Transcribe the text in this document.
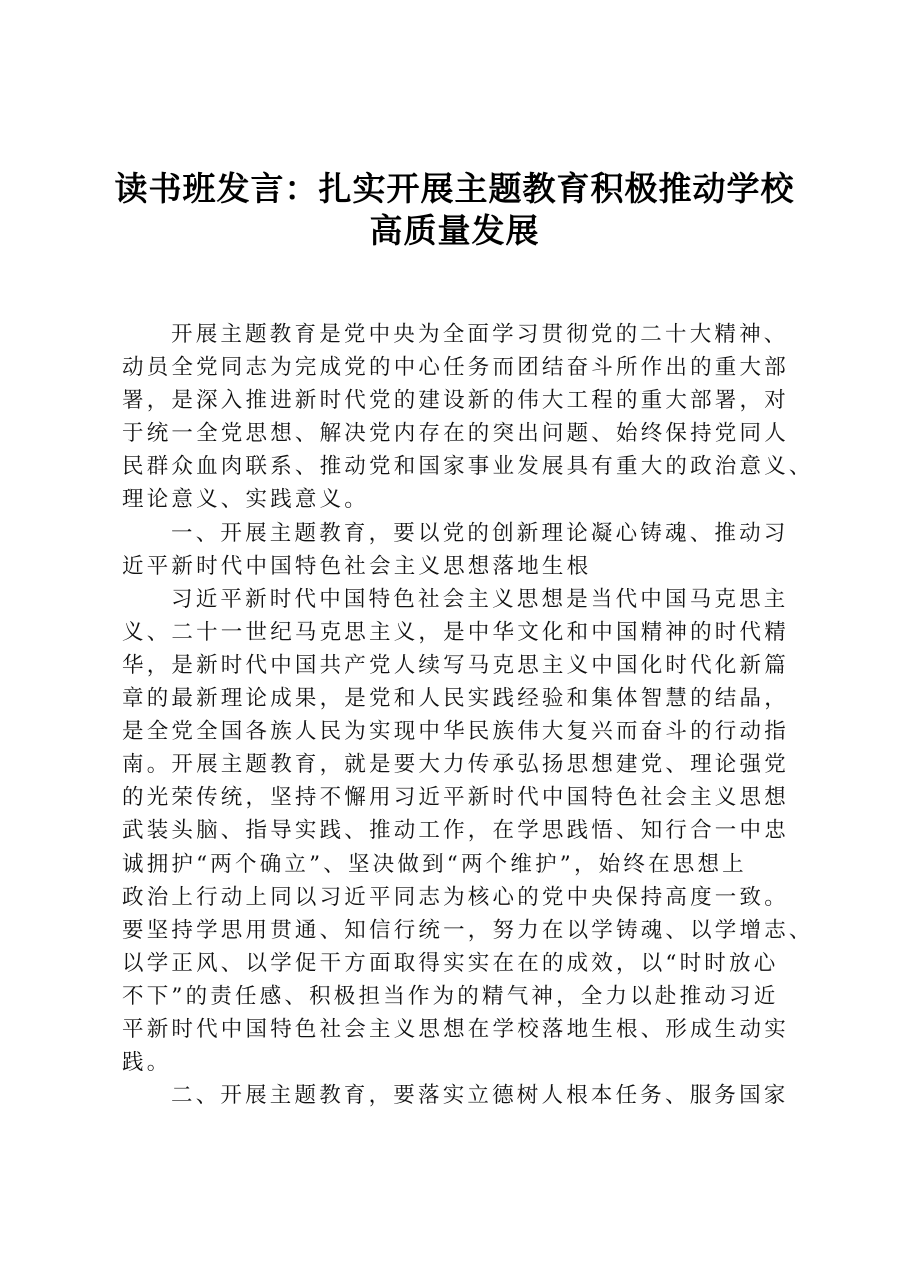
读书班发言：扎实开展主题教育积极推动学校
高质量发展
开展主题教育是党中央为全面学习贯彻党的二十大精神、
动员全党同志为完成党的中心任务而团结奋斗所作出的重大部
署，是深入推进新时代党的建设新的伟大工程的重大部署，对
于统一全党思想、解决党内存在的突出问题、始终保持党同人
民群众血肉联系、推动党和国家事业发展具有重大的政治意义、
理论意义、实践意义。
一、开展主题教育，要以党的创新理论凝心铸魂、推动习
近平新时代中国特色社会主义思想落地生根
习近平新时代中国特色社会主义思想是当代中国马克思主
义、二十一世纪马克思主义，是中华文化和中国精神的时代精
华，是新时代中国共产党人续写马克思主义中国化时代化新篇
章的最新理论成果，是党和人民实践经验和集体智慧的结晶，
是全党全国各族人民为实现中华民族伟大复兴而奋斗的行动指
南。开展主题教育，就是要大力传承弘扬思想建党、理论强党
的光荣传统，坚持不懈用习近平新时代中国特色社会主义思想
武装头脑、指导实践、推动工作，在学思践悟、知行合一中忠
诚拥护“两个确立”、坚决做到“两个维护”，始终在思想上
政治上行动上同以习近平同志为核心的党中央保持高度一致。
要坚持学思用贯通、知信行统一，努力在以学铸魂、以学增志、
以学正风、以学促干方面取得实实在在的成效，以“时时放心
不下”的责任感、积极担当作为的精气神，全力以赴推动习近
平新时代中国特色社会主义思想在学校落地生根、形成生动实
践。
二、开展主题教育，要落实立德树人根本任务、服务国家
